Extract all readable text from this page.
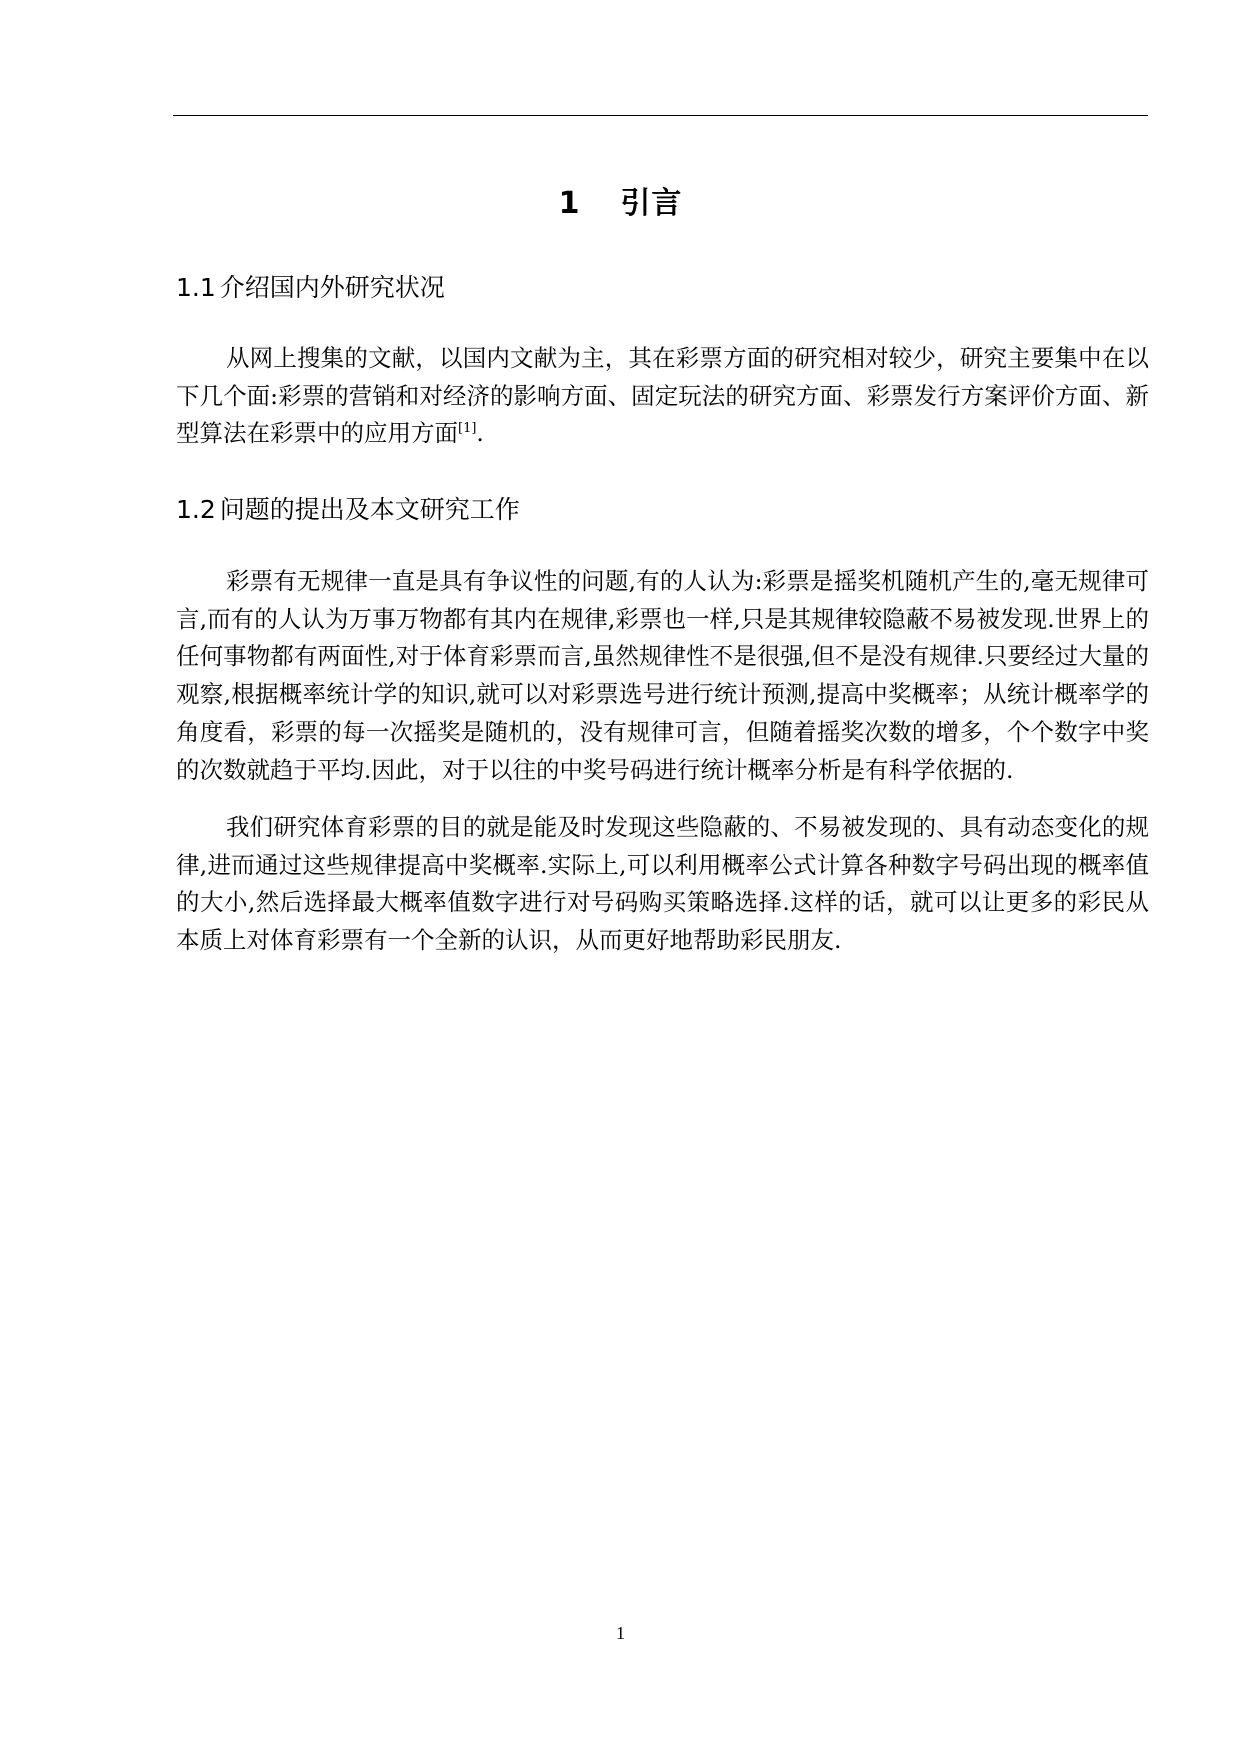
1 引言
1.1 介绍国内外研究状况

从网上搜集的文献，以国内文献为主，其在彩票方面的研究相对较少，研究主要集中在以下几个面:彩票的营销和对经济的影响方面、固定玩法的研究方面、彩票发行方案评价方面、新型算法在彩票中的应用方面[1].

1.2 问题的提出及本文研究工作

彩票有无规律一直是具有争议性的问题,有的人认为:彩票是摇奖机随机产生的,毫无规律可言,而有的人认为万事万物都有其内在规律,彩票也一样,只是其规律较隐蔽不易被发现.世界上的任何事物都有两面性,对于体育彩票而言,虽然规律性不是很强,但不是没有规律.只要经过大量的观察,根据概率统计学的知识,就可以对彩票选号进行统计预测,提高中奖概率；从统计概率学的角度看，彩票的每一次摇奖是随机的，没有规律可言，但随着摇奖次数的增多，个个数字中奖的次数就趋于平均.因此，对于以往的中奖号码进行统计概率分析是有科学依据的.

我们研究体育彩票的目的就是能及时发现这些隐蔽的、不易被发现的、具有动态变化的规律,进而通过这些规律提高中奖概率.实际上,可以利用概率公式计算各种数字号码出现的概率值的大小,然后选择最大概率值数字进行对号码购买策略选择.这样的话，就可以让更多的彩民从本质上对体育彩票有一个全新的认识，从而更好地帮助彩民朋友.

1
